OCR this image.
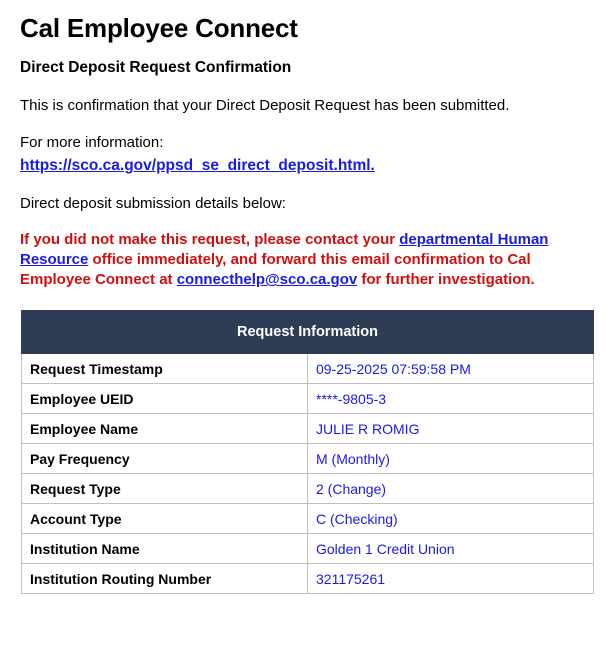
Cal Employee Connect
Direct Deposit Request Confirmation
This is confirmation that your Direct Deposit Request has been submitted.
For more information:
https://sco.ca.gov/ppsd_se_direct_deposit.html.
Direct deposit submission details below:
If you did not make this request, please contact your departmental Human Resource office immediately, and forward this email confirmation to Cal Employee Connect at connecthelp@sco.ca.gov for further investigation.
Request Information	
Request Timestamp	09-25-2025 07:59:58 PM
Employee UEID	****-9805-3
Employee Name	JULIE R ROMIG
Pay Frequency	M (Monthly)
Request Type	2 (Change)
Account Type	C (Checking)
Institution Name	Golden 1 Credit Union
Institution Routing Number	321175261
